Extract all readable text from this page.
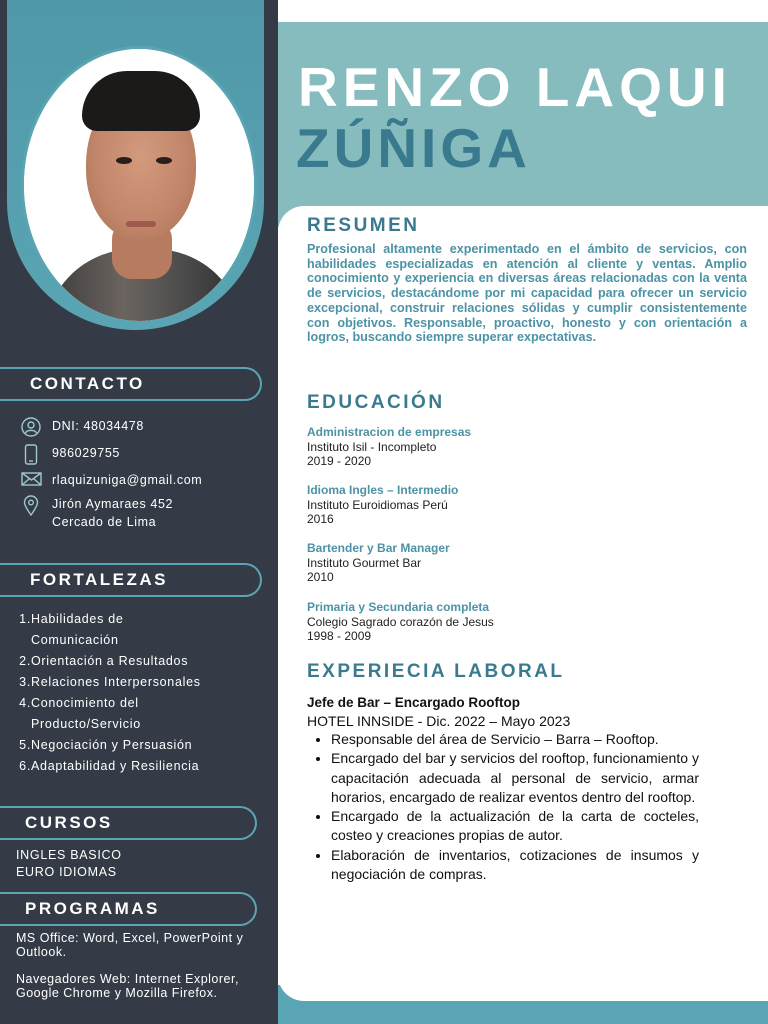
CONTACTO
DNI: 48034478
986029755
rlaquizuniga@gmail.com
Jirón Aymaraes 452
Cercado de Lima
FORTALEZAS
1. Habilidades de
Comunicación
2. Orientación a Resultados
3. Relaciones Interpersonales
4. Conocimiento del
Producto/Servicio
5. Negociación y Persuasión
6. Adaptabilidad y Resiliencia
CURSOS
INGLES BASICO
EURO IDIOMAS
PROGRAMAS

MS Office: Word, Excel, PowerPoint y Outlook.

Navegadores Web: Internet Explorer, Google Chrome y Mozilla Firefox.

RENZO LAQUI
ZÚÑIGA
RESUMEN
Profesional altamente experimentado en el ámbito de servicios, con habilidades especializadas en atención al cliente y ventas. Amplio conocimiento y experiencia en diversas áreas relacionadas con la venta de servicios, destacándome por mi capacidad para ofrecer un servicio excepcional, construir relaciones sólidas y cumplir consistentemente con objetivos. Responsable, proactivo, honesto y con orientación a logros, buscando siempre superar expectativas.
EDUCACIÓN
Administracion de empresas
Instituto Isil - Incompleto
2019 - 2020
Idioma Ingles – Intermedio
Instituto Euroidiomas Perú
2016
Bartender y Bar Manager
Instituto Gourmet Bar
2010
Primaria y Secundaria completa
Colegio Sagrado corazón de Jesus
1998 - 2009
EXPERIECIA LABORAL
Jefe de Bar – Encargado Rooftop
HOTEL INNSIDE - Dic. 2022 – Mayo 2023
• Responsable del área de Servicio – Barra – Rooftop.
• Encargado del bar y servicios del rooftop, funcionamiento y capacitación adecuada al personal de servicio, armar horarios, encargado de realizar eventos dentro del rooftop.
• Encargado de la actualización de la carta de cocteles, costeo y creaciones propias de autor.
• Elaboración de inventarios, cotizaciones de insumos y negociación de compras.
